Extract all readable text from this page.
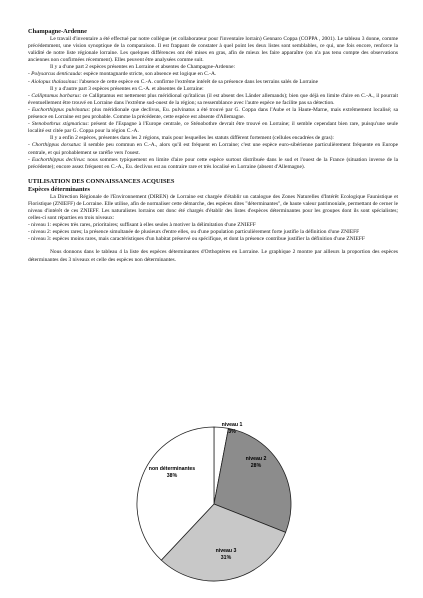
Champagne-Ardenne

Le travail d'inventaire a été effectué par notre collègue (et collaborateur pour l'inventaire lorrain) Gennaro Coppa (COPPA , 2001). Le tableau 3 donne, comme précédemment, une vision synoptique de la comparaison. Il est frappant de constater à quel point les deux listes sont semblables, ce qui, une fois encore, renforce la validité de notre liste régionale lorraine. Les quelques différences ont été mises en gras, afin de mieux les faire apparaître (on n'a pas tenu compte des observations anciennes non confirmées récemment). Elles peuvent être analysées comme suit.

Il y a d'une part 2 espèces présentes en Lorraine et absentes de Champagne-Ardenne:

- Polysarcus denticauda: espèce montagnarde stricte, son absence est logique en C.-A.

- Aiolopus thalassinus: l'absence de cette espèce en C.-A. confirme l'extrême intérêt de sa présence dans les terrains salés de Lorraine

Il y a d'autre part 3 espèces présentes en C.-A. et absentes de Lorraine:

- Calliptamus barbarus: ce Calliptamus est nettement plus méridional qu'italicus (il est absent des Länder allemands); bien que déjà en limite d'aire en C.-A., il pourrait éventuellement être trouvé en Lorraine dans l'extrême sud-ouest de la région; sa ressemblance avec l'autre espèce ne facilite pas sa détection.

- Euchorthippus pulvinatus: plus méridionale que declivus, Eu. pulvinatus a été trouvé par G. Coppa dans l'Aube et la Haute-Marne, mais extrêmement localisé; sa présence en Lorraine est peu probable. Comme la précédente, cette espèce est absente d'Allemagne.

- Stenobothrus stigmaticus: présent de l'Espagne à l'Europe centrale, ce Sténobothre devrait être trouvé en Lorraine; il semble cependant bien rare, puisqu'une seule localité est citée par G. Coppa pour la région C.-A.

Il y a enfin 2 espèces, présentes dans les 2 régions, mais pour lesquelles les statuts diffèrent fortement (cellules encadrées de gras):

- Chorthippus dorsatus: il semble peu commun en C.-A., alors qu'il est fréquent en Lorraine; c'est une espèce euro-sibérienne particulièrement fréquente en Europe centrale, et qui probablement se raréfie vers l'ouest.

- Euchorthippus declivus: nous sommes typiquement en limite d'aire pour cette espèce surtout distribuée dans le sud et l'ouest de la France (situation inverse de la précédente); encore assez fréquent en C.-A., Eu. declivus est au contraire rare et très localisé en Lorraine (absent d'Allemagne).

UTILISATION DES CONNAISSANCES ACQUISES

Espèces déterminantes

La Direction Régionale de l'Environnement (DIREN) de Lorraine est chargée d'établir un catalogue des Zones Naturelles d'Intérêt Ecologique Faunistique et Floristique (ZNIEFF) de Lorraine. Elle utilise, afin de normaliser cette démarche, des espèces dites "déterminantes", de haute valeur patrimoniale, permettant de cerner le niveau d'intérêt de ces ZNIEFF. Les naturalistes lorrains ont donc été chargés d'établir des listes d'espèces déterminantes pour les groupes dont ils sont spécialistes; celles-ci sont réparties en trois niveaux:

- niveau 1: espèces très rares, prioritaires; suffisant à elles seules à motiver la délimitation d'une ZNIEFF

- niveau 2: espèces rares; la présence simultanée de plusieurs d'entre elles, ou d'une population particulièrement forte justifie la définition d'une ZNIEFF

- niveau 3: espèces moins rares, mais caractéristiques d'un habitat préservé ou spécifique, et dont la présence contribue justifier la définition d'une ZNIEFF

Nous donnons dans le tableau 4 la liste des espèces déterminantes d'Orthoptères en Lorraine. Le graphique 2 montre par ailleurs la proportion des espèces déterminantes des 3 niveaux et celle des espèces non déterminantes.

niveau 1
3%
niveau 2
28%
niveau 3
31%
non déterminantes
38%
